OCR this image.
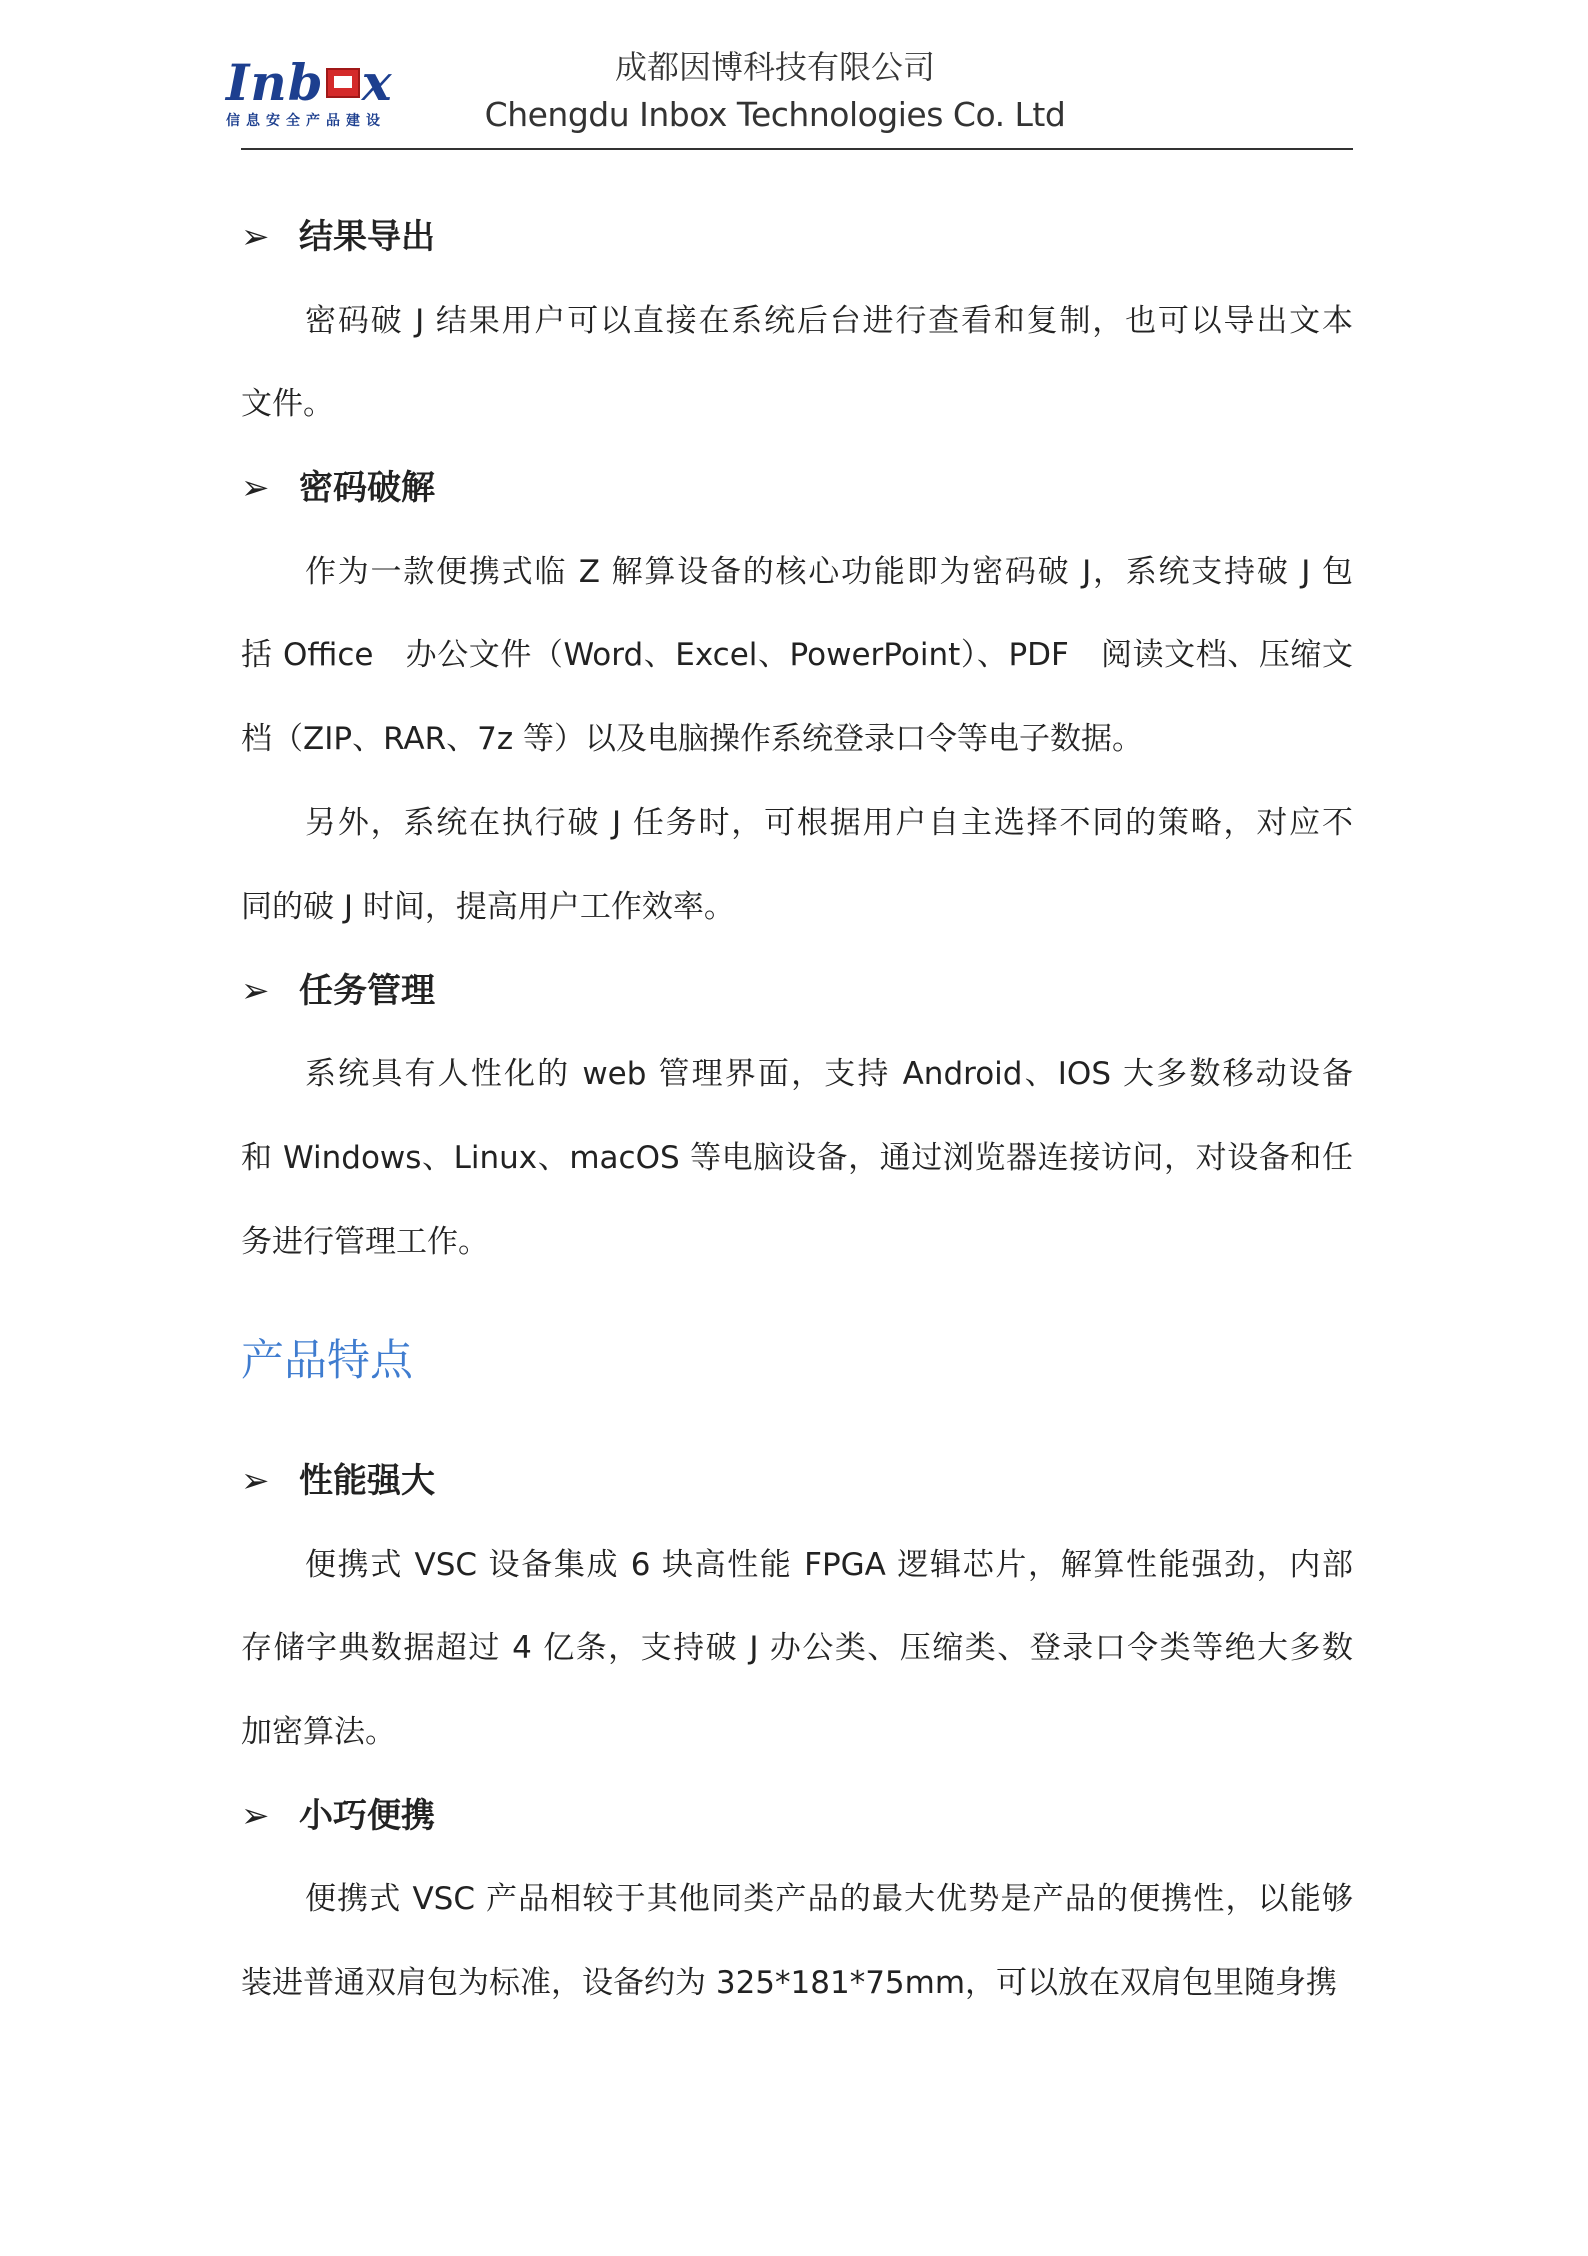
Inb x
信息安全产品建设
成都因博科技有限公司
Chengdu Inbox Technologies Co. Ltd
产品特点
➢ 结果导出
密码破 J 结果用户可以直接在系统后台进行查看和复制，也可以导出文本
文件。
➢ 密码破解
作为一款便携式临 Z 解算设备的核心功能即为密码破 J，系统支持破 J 包
括 Office　办公文件（Word、Excel、PowerPoint）、PDF　阅读文档、压缩文
档（ZIP、RAR、7z 等）以及电脑操作系统登录口令等电子数据。
另外，系统在执行破 J 任务时，可根据用户自主选择不同的策略，对应不
同的破 J 时间，提高用户工作效率。
➢ 任务管理
系统具有人性化的 web 管理界面，支持 Android、IOS 大多数移动设备
和 Windows、Linux、macOS 等电脑设备，通过浏览器连接访问，对设备和任
务进行管理工作。
➢ 性能强大
便携式 VSC 设备集成 6 块高性能 FPGA 逻辑芯片，解算性能强劲，内部
存储字典数据超过 4 亿条，支持破 J 办公类、压缩类、登录口令类等绝大多数
加密算法。
➢ 小巧便携
便携式 VSC 产品相较于其他同类产品的最大优势是产品的便携性，以能够
装进普通双肩包为标准，设备约为 325*181*75mm，可以放在双肩包里随身携
